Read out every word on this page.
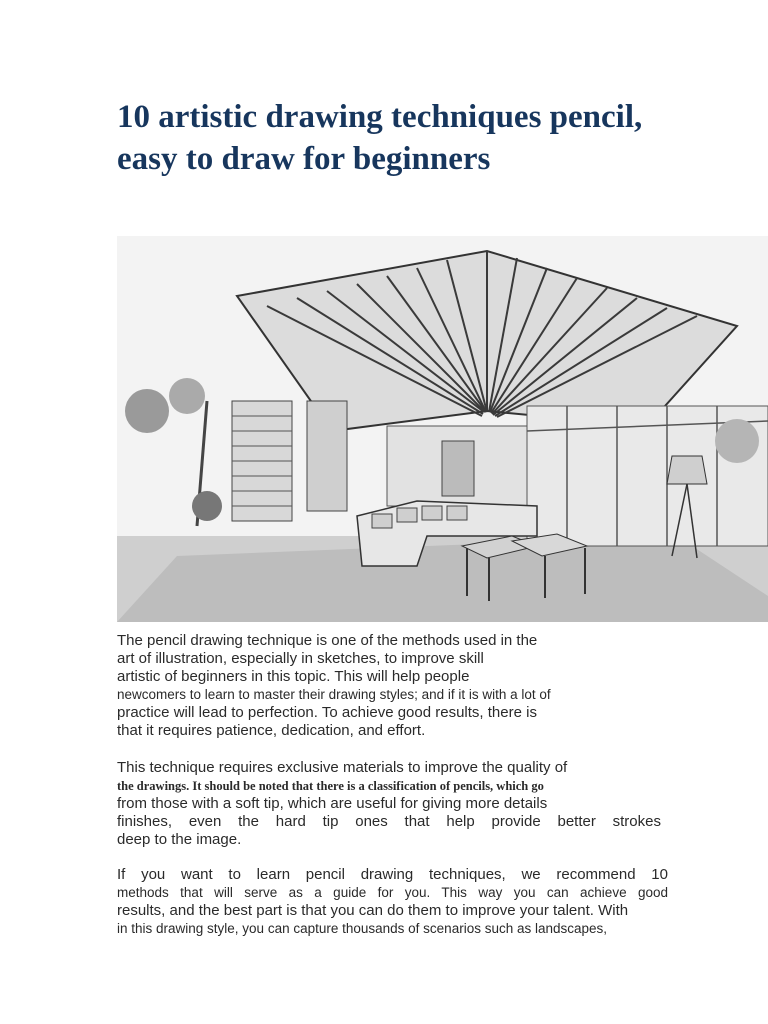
10 artistic drawing techniques pencil, easy to draw for beginners
The pencil drawing technique is one of the methods used in the
art of illustration, especially in sketches, to improve skill
artistic of beginners in this topic. This will help people
newcomers to learn to master their drawing styles; and if it is with a lot of
practice will lead to perfection. To achieve good results, there is
that it requires patience, dedication, and effort.
This technique requires exclusive materials to improve the quality of
the drawings. It should be noted that there is a classification of pencils, which go
from those with a soft tip, which are useful for giving more details
finishes, even the hard tip ones that help provide better strokes
deep to the image.
If you want to learn pencil drawing techniques, we recommend 10
methods that will serve as a guide for you. This way you can achieve good
results, and the best part is that you can do them to improve your talent. With
in this drawing style, you can capture thousands of scenarios such as landscapes,
